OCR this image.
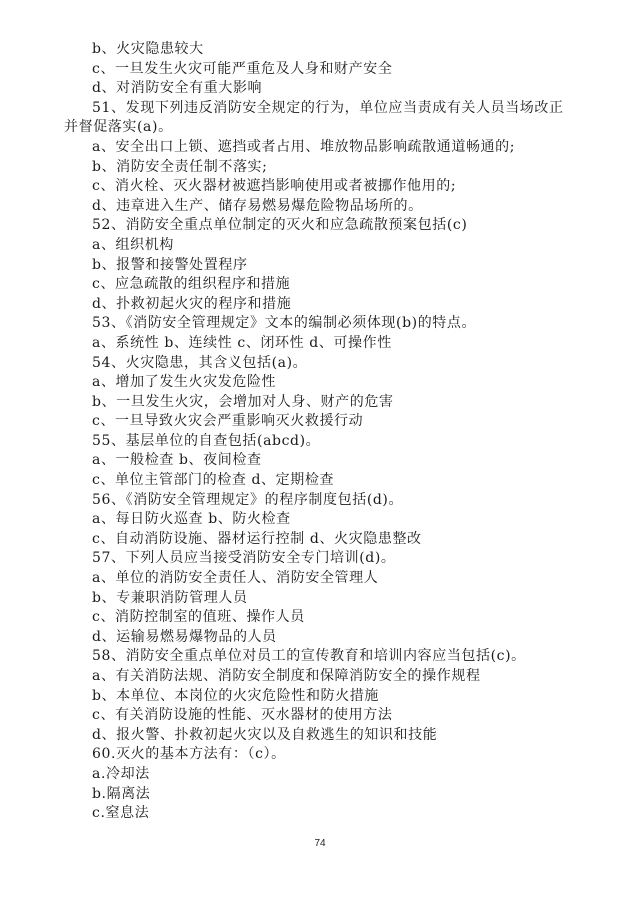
b、火灾隐患较大
c、一旦发生火灾可能严重危及人身和财产安全
d、对消防安全有重大影响
51、发现下列违反消防安全规定的行为，单位应当责成有关人员当场改正
并督促落实(a)。
a、安全出口上锁、遮挡或者占用、堆放物品影响疏散通道畅通的;
b、消防安全责任制不落实;
c、消火栓、灭火器材被遮挡影响使用或者被挪作他用的;
d、违章进入生产、储存易燃易爆危险物品场所的。
52、消防安全重点单位制定的灭火和应急疏散预案包括(c)
a、组织机构
b、报警和接警处置程序
c、应急疏散的组织程序和措施
d、扑救初起火灾的程序和措施
53、《消防安全管理规定》文本的编制必须体现(b)的特点。
a、系统性 b、连续性 c、闭环性 d、可操作性
54、火灾隐患，其含义包括(a)。
a、增加了发生火灾发危险性
b、一旦发生火灾，会增加对人身、财产的危害
c、一旦导致火灾会严重影响灭火救援行动
55、基层单位的自查包括(abcd)。
a、一般检查 b、夜间检查
c、单位主管部门的检查 d、定期检查
56、《消防安全管理规定》的程序制度包括(d)。
a、每日防火巡查 b、防火检查
c、自动消防设施、器材运行控制 d、火灾隐患整改
57、下列人员应当接受消防安全专门培训(d)。
a、单位的消防安全责任人、消防安全管理人
b、专兼职消防管理人员
c、消防控制室的值班、操作人员
d、运输易燃易爆物品的人员
58、消防安全重点单位对员工的宣传教育和培训内容应当包括(c)。
a、有关消防法规、消防安全制度和保障消防安全的操作规程
b、本单位、本岗位的火灾危险性和防火措施
c、有关消防设施的性能、灭水器材的使用方法
d、报火警、扑救初起火灾以及自救逃生的知识和技能
60.灭火的基本方法有：（c）。
a.冷却法
b.隔离法
c.窒息法
74
